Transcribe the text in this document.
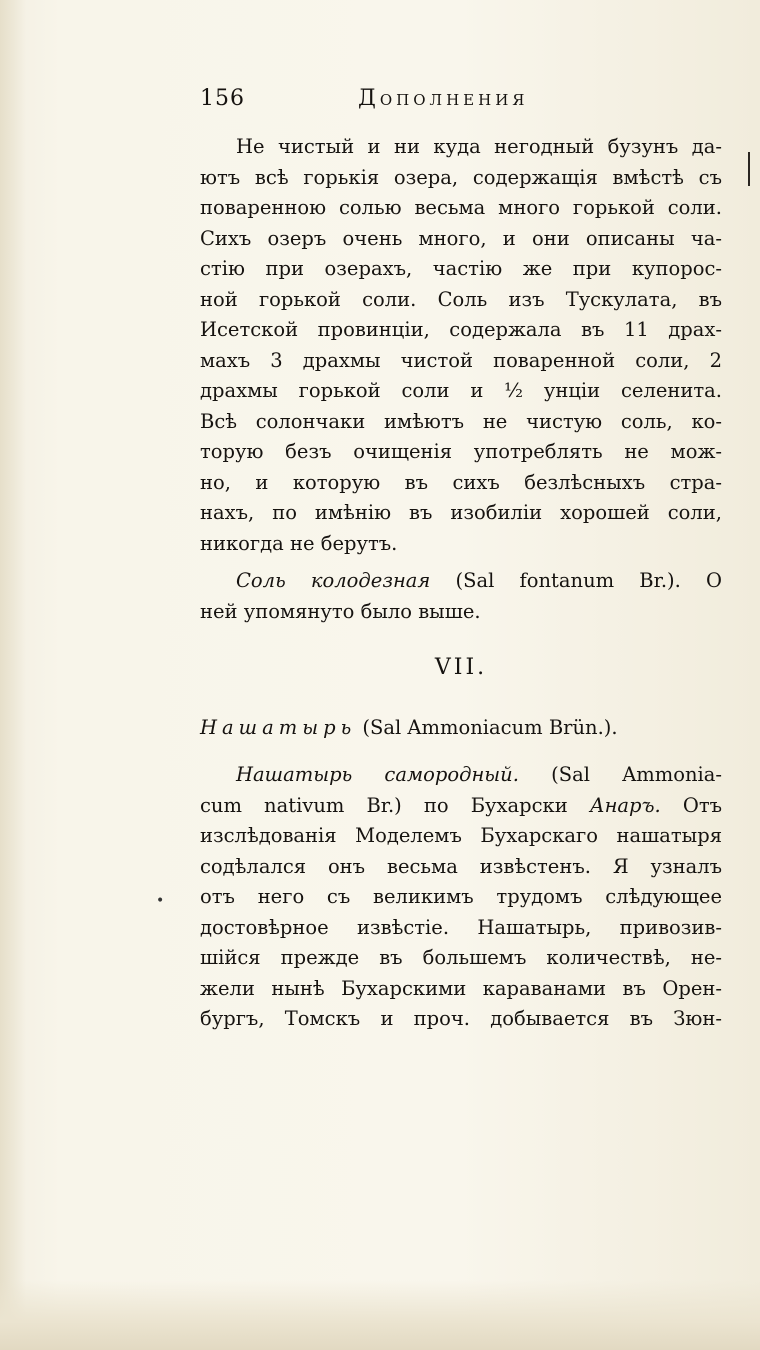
156	Дополнения
Не чистый и ни куда негодный бузунъ да-
ютъ всѣ горькія озера, содержащія вмѣстѣ съ
поваренною солью весьма много горькой соли.
Сихъ озеръ очень много, и они описаны ча-
стію при озерахъ, частію же при купорос-
ной горькой соли. Соль изъ Тускулата, въ
Исетской провинціи, содержала въ 11 драх-
махъ 3 драхмы чистой поваренной соли, 2
драхмы горькой соли и ½ унціи селенита.
Всѣ солончаки имѣютъ не чистую соль, ко-
торую безъ очищенія употреблять не мож-
но, и которую въ сихъ безлѣсныхъ стра-
нахъ, по имѣнію въ изобиліи хорошей соли,
никогда не берутъ.
Соль колодезная (Sal fontanum Br.). О
ней упомянуто было выше.
VII.
Нашатырь (Sal Ammoniacum Brün.).
Нашатырь самородный. (Sal Ammonia-
cum nativum Br.) по Бухарски Анаръ. Отъ
изслѣдованія Моделемъ Бухарскаго нашатыря
содѣлался онъ весьма извѣстенъ. Я узналъ
отъ него съ великимъ трудомъ слѣдующее
достовѣрное извѣстіе. Нашатырь, привозив-
шійся прежде въ большемъ количествѣ, не-
жели нынѣ Бухарскими караванами въ Орен-
бургъ, Томскъ и проч. добывается въ Зюн-
•
